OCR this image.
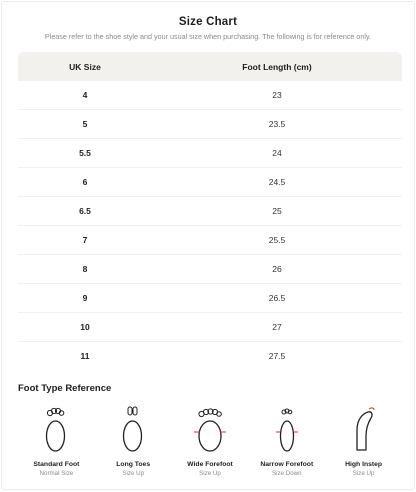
Size Chart
Please refer to the shoe style and your usual size when purchasing. The following is for reference only.
UK Size	Foot Length (cm)
4	23
5	23.5
5.5	24
6	24.5
6.5	25
7	25.5
8	26
9	26.5
10	27
11	27.5
Foot Type Reference
Standard Foot
Normal Size
Long Toes
Size Up
Wide Forefoot
Size Up
Narrow Forefoot
Size Down
High Instep
Size Up
